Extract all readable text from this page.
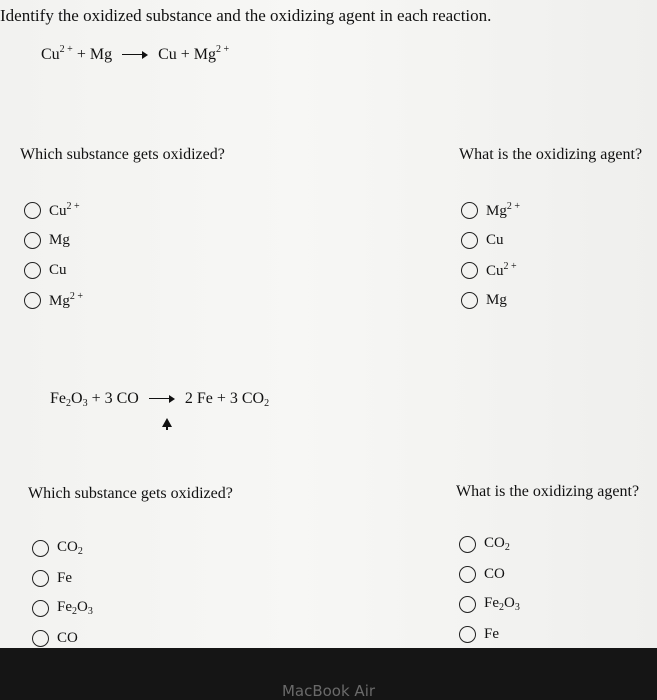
Identify the oxidized substance and the oxidizing agent in each reaction.
$Cu^{2 +} + Mg$	$Cu + Mg^{2 +}$
Which substance gets oxidized?	What is the oxidizing agent?
$Cu^{2 +}$
Mg
Cu
$Mg^{2 +}$
$Mg^{2 +}$
Cu
$Cu^{2 +}$
Mg
$Fe_2O_3 + 3$ CO	2 Fe + 3 $CO_2$
Which substance gets oxidized?	What is the oxidizing agent?
$CO_2$
Fe
$Fe_2O_3$
CO
$CO_2$
CO
$Fe_2O_3$
Fe
MacBook Air
